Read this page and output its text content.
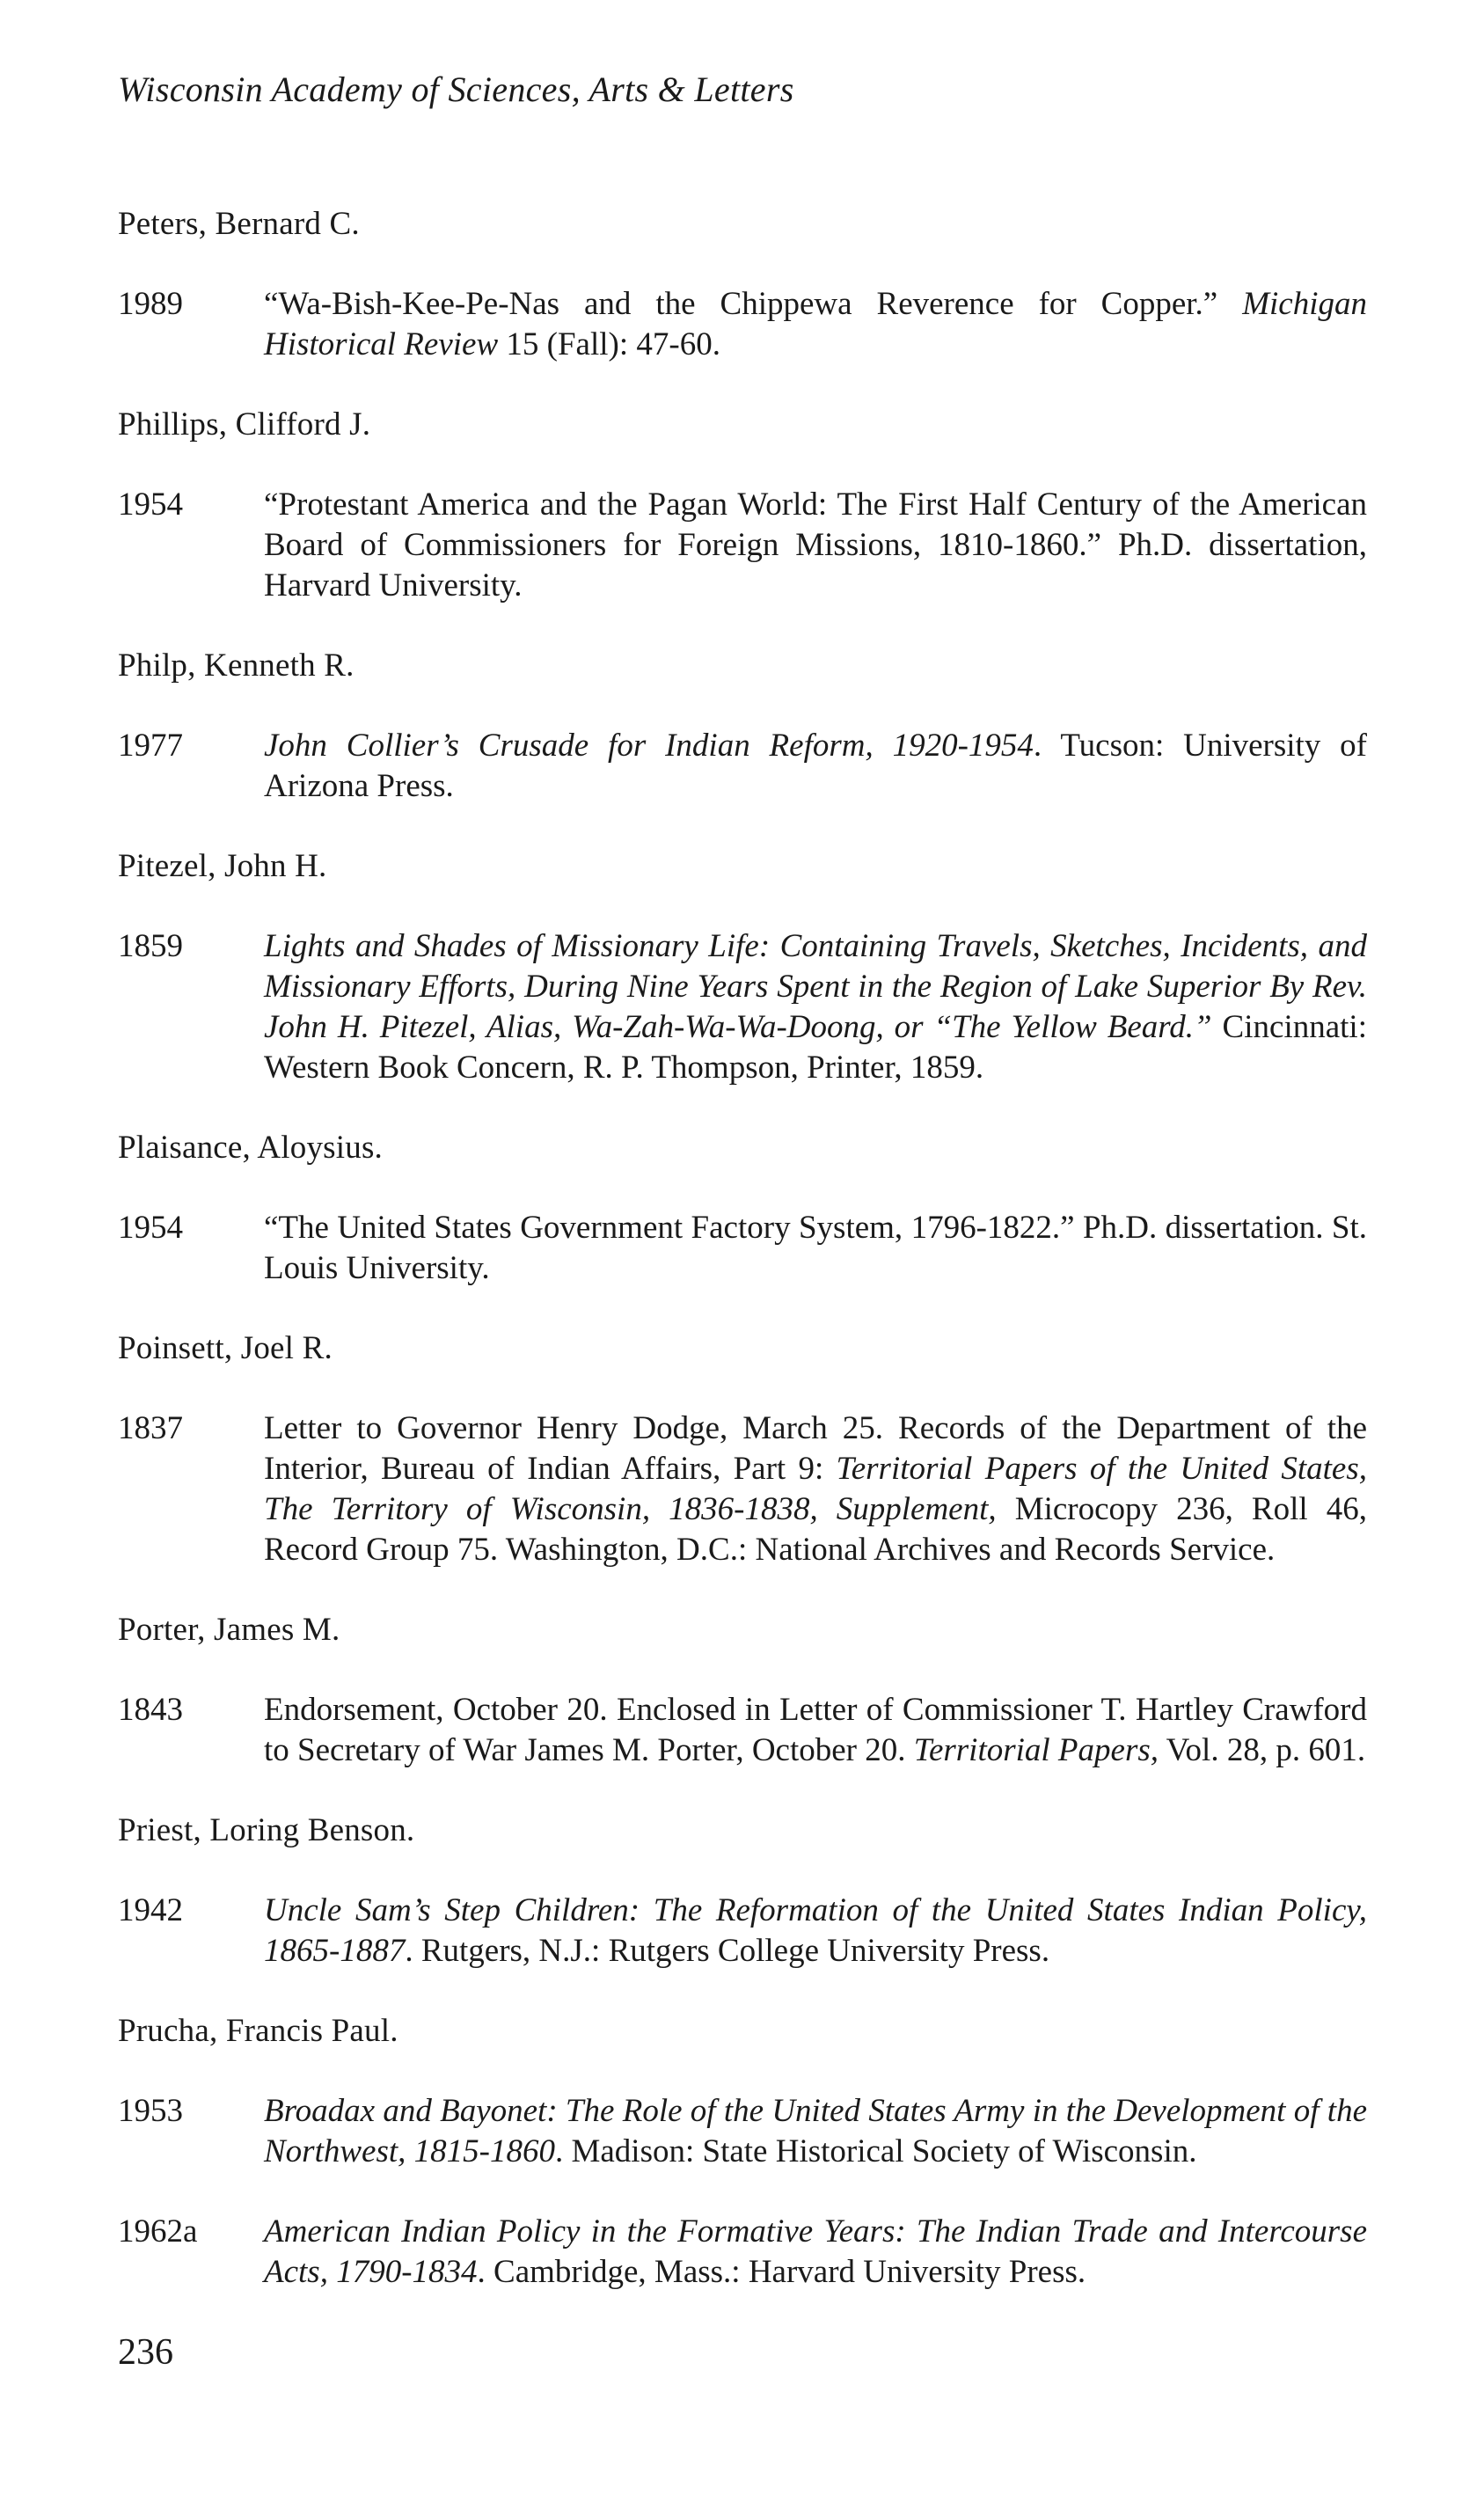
Wisconsin Academy of Sciences, Arts & Letters
Peters, Bernard C.
1989	“Wa-Bish-Kee-Pe-Nas and the Chippewa Reverence for Copper.” Michigan Historical Review 15 (Fall): 47-60.
Phillips, Clifford J.
1954	“Protestant America and the Pagan World: The First Half Century of the American Board of Commissioners for Foreign Missions, 1810-1860.” Ph.D. dissertation, Harvard University.
Philp, Kenneth R.
1977	John Collier’s Crusade for Indian Reform, 1920-1954. Tucson: University of Arizona Press.
Pitezel, John H.
1859	Lights and Shades of Missionary Life: Containing Travels, Sketches, Incidents, and Missionary Efforts, During Nine Years Spent in the Region of Lake Superior By Rev. John H. Pitezel, Alias, Wa-Zah-Wa-Wa-Doong, or “The Yellow Beard.” Cincinnati: Western Book Concern, R. P. Thompson, Printer, 1859.
Plaisance, Aloysius.
1954	“The United States Government Factory System, 1796-1822.” Ph.D. dissertation. St. Louis University.
Poinsett, Joel R.
1837	Letter to Governor Henry Dodge, March 25. Records of the Department of the Interior, Bureau of Indian Affairs, Part 9: Territorial Papers of the United States, The Territory of Wisconsin, 1836-1838, Supplement, Microcopy 236, Roll 46, Record Group 75. Washington, D.C.: National Archives and Records Service.
Porter, James M.
1843	Endorsement, October 20. Enclosed in Letter of Commissioner T. Hartley Crawford to Secretary of War James M. Porter, October 20. Territorial Papers, Vol. 28, p. 601.
Priest, Loring Benson.
1942	Uncle Sam’s Step Children: The Reformation of the United States Indian Policy, 1865-1887. Rutgers, N.J.: Rutgers College University Press.
Prucha, Francis Paul.
1953	Broadax and Bayonet: The Role of the United States Army in the Development of the Northwest, 1815-1860. Madison: State Historical Society of Wisconsin.
1962a	American Indian Policy in the Formative Years: The Indian Trade and Intercourse Acts, 1790-1834. Cambridge, Mass.: Harvard University Press.
236
